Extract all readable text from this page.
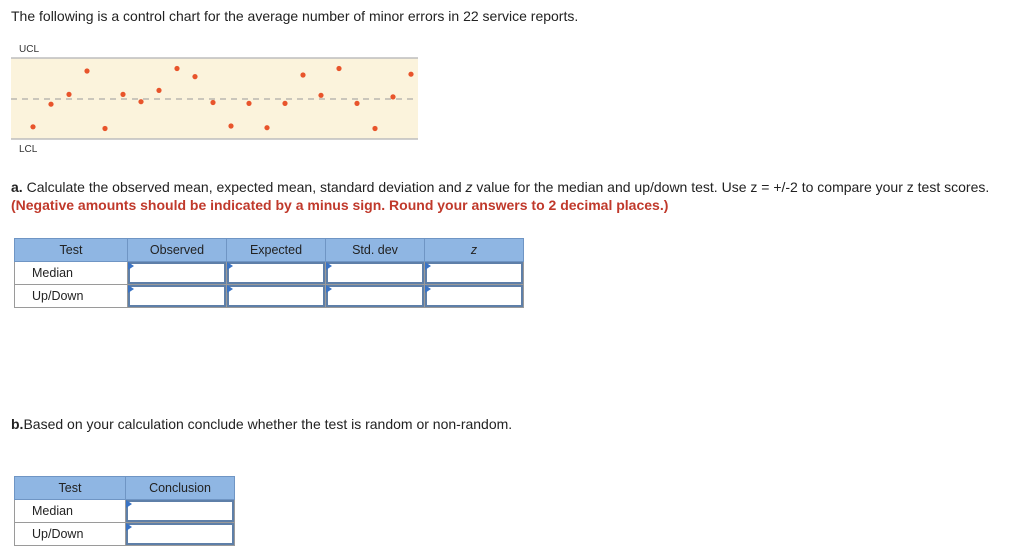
The following is a control chart for the average number of minor errors in 22 service reports.
UCL
LCL
a. Calculate the observed mean, expected mean, standard deviation and z value for the median and up/down test. Use z = +/-2 to compare your z test scores. (Negative amounts should be indicated by a minus sign. Round your answers to 2 decimal places.)
Test	Observed	Expected	Std. dev	z
Median	

Up/Down	

b.Based on your calculation conclude whether the test is random or non-random.
Test	Conclusion
Median	

Up/Down	
